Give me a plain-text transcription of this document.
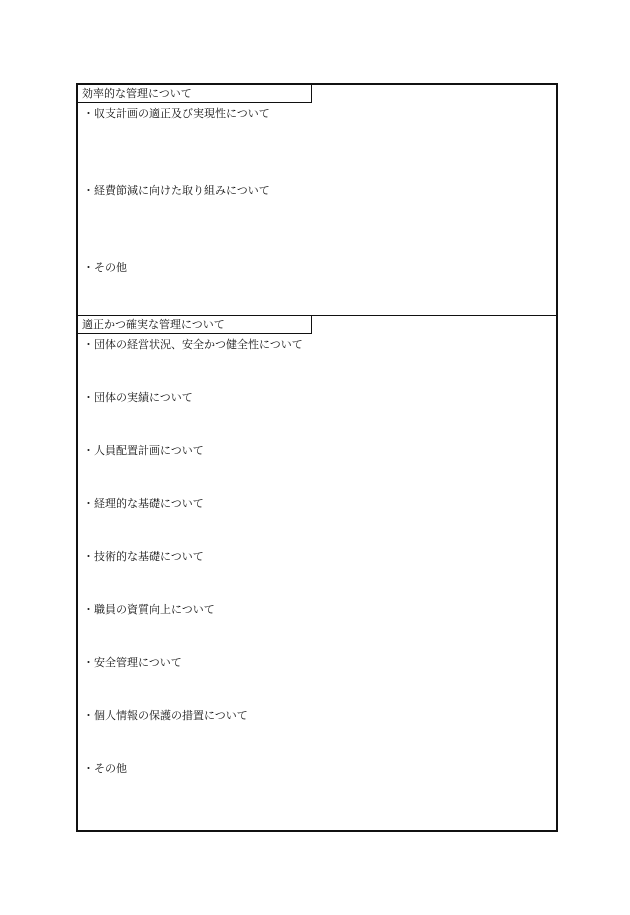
効率的な管理について
・収支計画の適正及び実現性について
・経費節減に向けた取り組みについて
・その他
適正かつ確実な管理について
・団体の経営状況、安全かつ健全性について
・団体の実績について
・人員配置計画について
・経理的な基礎について
・技術的な基礎について
・職員の資質向上について
・安全管理について
・個人情報の保護の措置について
・その他
